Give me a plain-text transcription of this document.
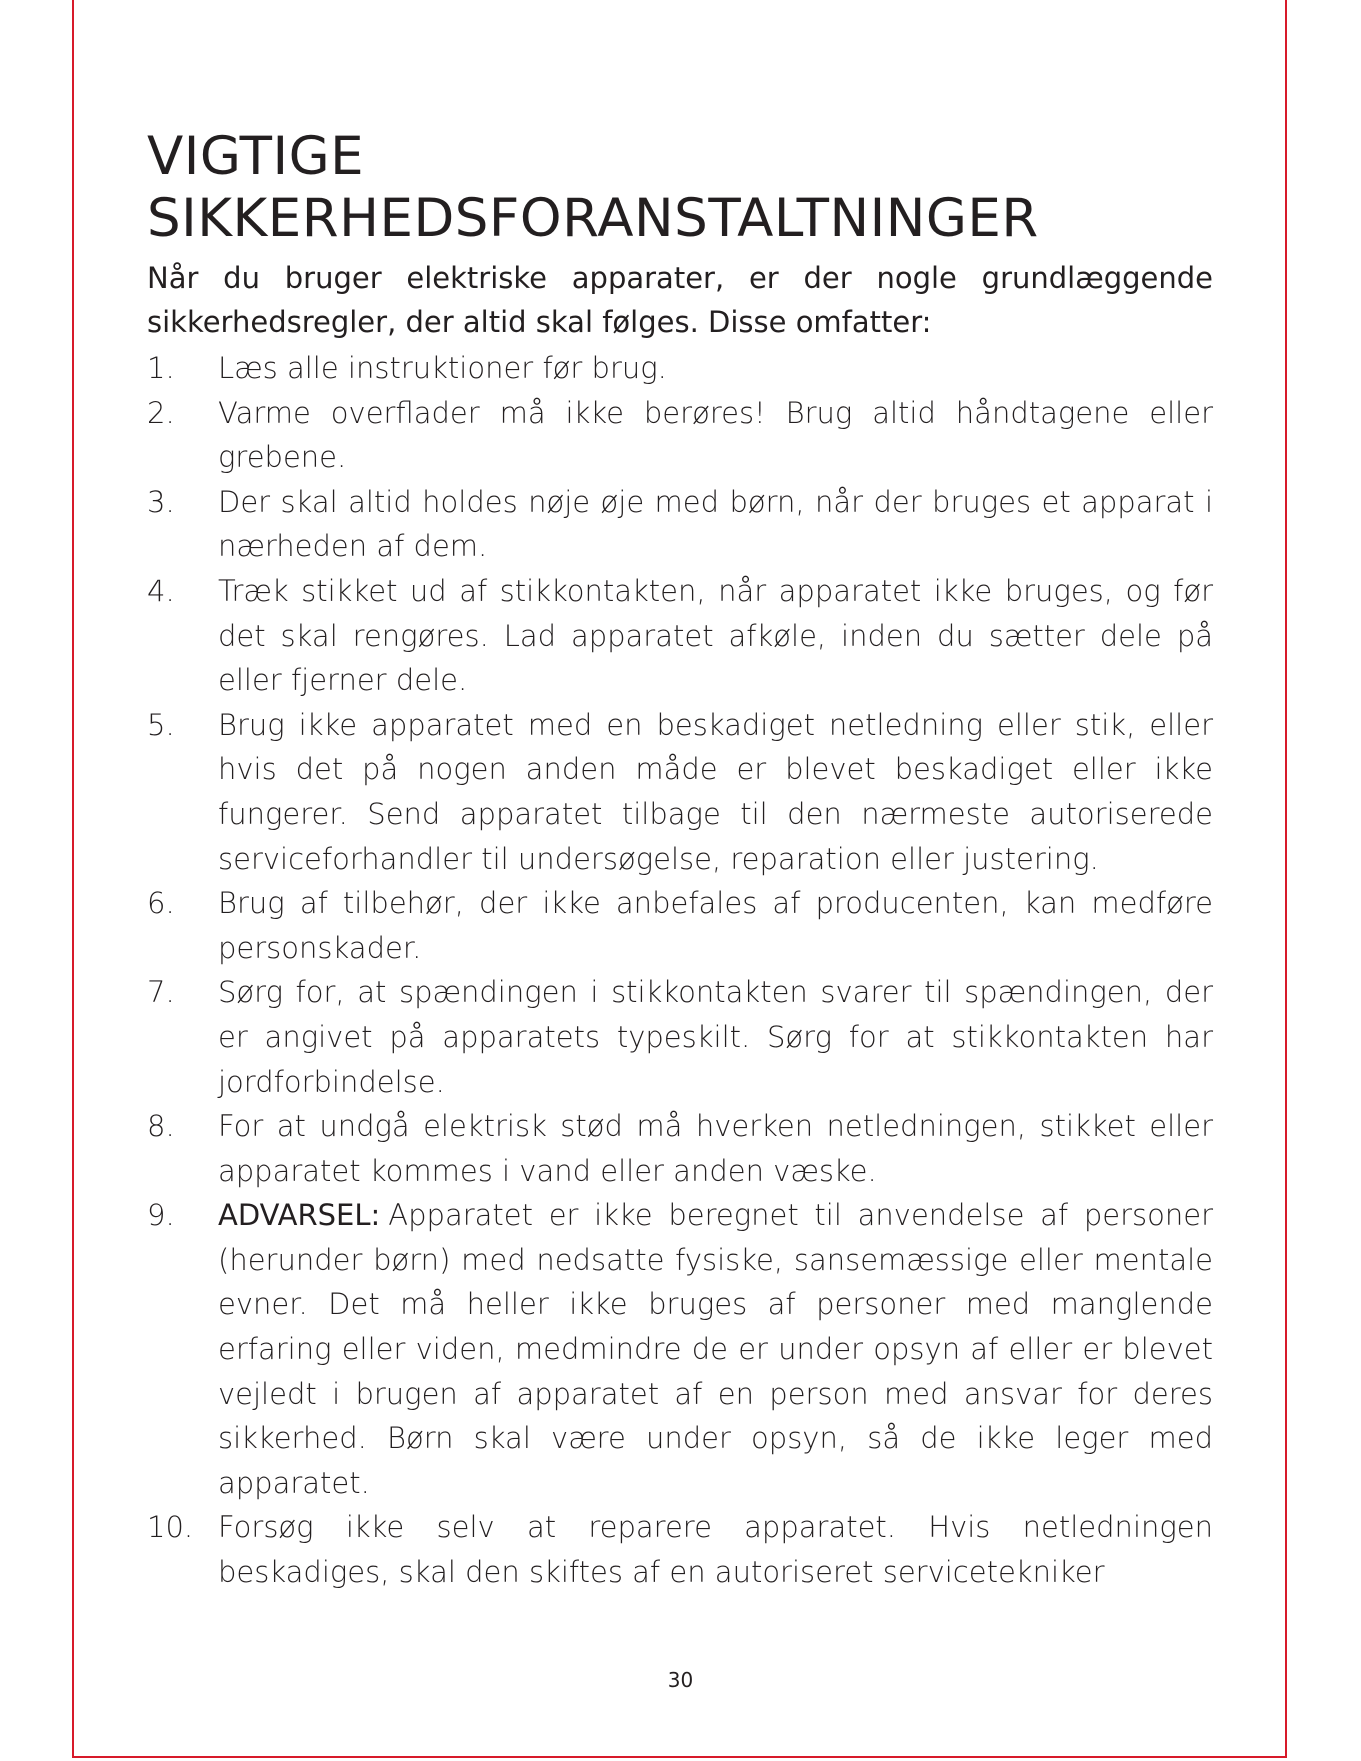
VIGTIGE
SIKKERHEDSFORANSTALTNINGER

Når du bruger elektriske apparater, er der nogle grundlæggende sikkerhedsregler, der altid skal følges. Disse omfatter:

1. Læs alle instruktioner før brug.
2. Varme overflader må ikke berøres! Brug altid håndtagene eller grebene.
3. Der skal altid holdes nøje øje med børn, når der bruges et apparat i nærheden af dem.
4. Træk stikket ud af stikkontakten, når apparatet ikke bruges, og før det skal rengøres. Lad apparatet afkøle, inden du sætter dele på eller fjerner dele.
5. Brug ikke apparatet med en beskadiget netledning eller stik, eller hvis det på nogen anden måde er blevet beskadiget eller ikke fungerer. Send apparatet tilbage til den nærmeste autoriserede serviceforhandler til undersøgelse, reparation eller justering.
6. Brug af tilbehør, der ikke anbefales af producenten, kan medføre personskader.
7. Sørg for, at spændingen i stikkontakten svarer til spændingen, der er angivet på apparatets typeskilt. Sørg for at stikkontakten har jordforbindelse.
8. For at undgå elektrisk stød må hverken netledningen, stikket eller apparatet kommes i vand eller anden væske.
9. ADVARSEL: Apparatet er ikke beregnet til anvendelse af personer (herunder børn) med nedsatte fysiske, sansemæssige eller mentale evner. Det må heller ikke bruges af personer med manglende erfaring eller viden, medmindre de er under opsyn af eller er blevet vejledt i brugen af apparatet af en person med ansvar for deres sikkerhed. Børn skal være under opsyn, så de ikke leger med apparatet.
10. Forsøg ikke selv at reparere apparatet. Hvis netledningen beskadiges, skal den skiftes af en autoriseret servicetekniker
30
